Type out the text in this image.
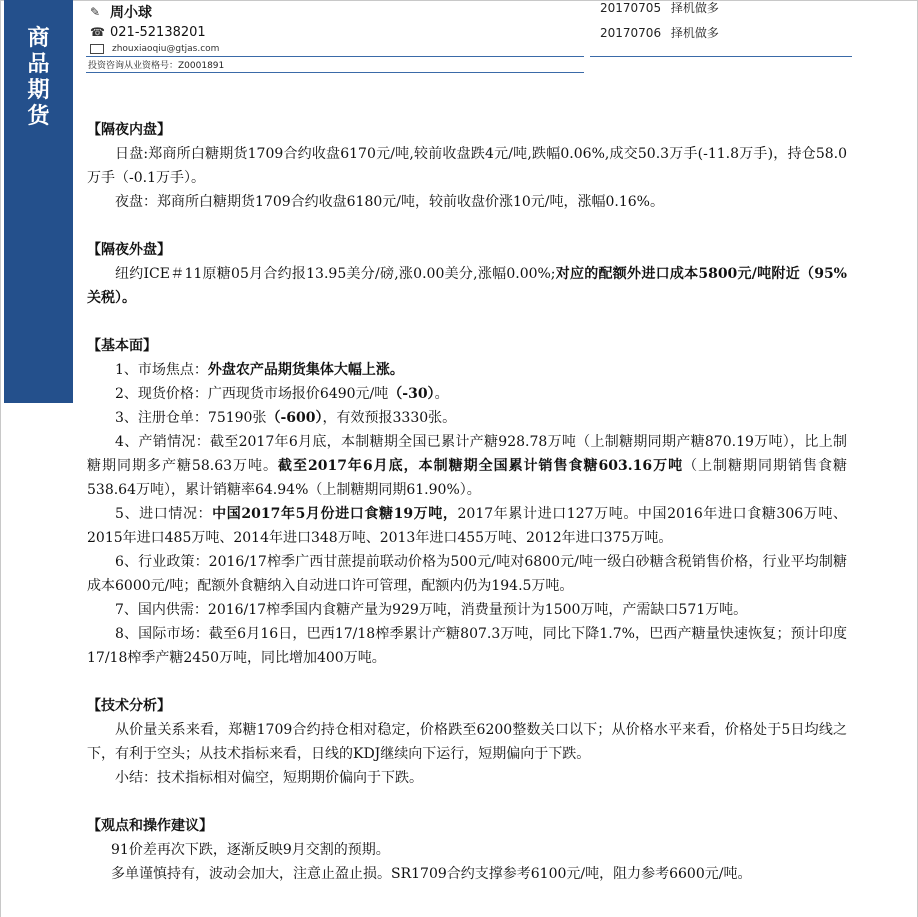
商
品
期
货
✎ 周小球
☎ 021-52138201
zhouxiaoqiu@gtjas.com
投资咨询从业资格号：Z0001891
20170705 择机做多
20170706 择机做多
【隔夜内盘】
日盘:郑商所白糖期货1709合约收盘6170元/吨,较前收盘跌4元/吨,跌幅0.06%,成交50.3万手(-11.8万手)，持仓58.0万手（-0.1万手）。
夜盘：郑商所白糖期货1709合约收盘6180元/吨，较前收盘价涨10元/吨，涨幅0.16%。
【隔夜外盘】
纽约ICE＃11原糖05月合约报13.95美分/磅,涨0.00美分,涨幅0.00%;对应的配额外进口成本5800元/吨附近（95%关税）。
【基本面】
1、市场焦点：外盘农产品期货集体大幅上涨。
2、现货价格：广西现货市场报价6490元/吨（-30）。
3、注册仓单：75190张（-600），有效预报3330张。
4、产销情况：截至2017年6月底，本制糖期全国已累计产糖928.78万吨（上制糖期同期产糖870.19万吨），比上制糖期同期多产糖58.63万吨。截至2017年6月底，本制糖期全国累计销售食糖603.16万吨（上制糖期同期销售食糖538.64万吨），累计销糖率64.94%（上制糖期同期61.90%）。
5、进口情况：中国2017年5月份进口食糖19万吨，2017年累计进口127万吨。中国2016年进口食糖306万吨、2015年进口485万吨、2014年进口348万吨、2013年进口455万吨、2012年进口375万吨。
6、行业政策：2016/17榨季广西甘蔗提前联动价格为500元/吨对6800元/吨一级白砂糖含税销售价格，行业平均制糖成本6000元/吨；配额外食糖纳入自动进口许可管理，配额内仍为194.5万吨。
7、国内供需：2016/17榨季国内食糖产量为929万吨，消费量预计为1500万吨，产需缺口571万吨。
8、国际市场：截至6月16日，巴西17/18榨季累计产糖807.3万吨，同比下降1.7%，巴西产糖量快速恢复；预计印度17/18榨季产糖2450万吨，同比增加400万吨。
【技术分析】
从价量关系来看，郑糖1709合约持仓相对稳定，价格跌至6200整数关口以下；从价格水平来看，价格处于5日均线之下，有利于空头；从技术指标来看，日线的KDJ继续向下运行，短期偏向于下跌。
小结：技术指标相对偏空，短期期价偏向于下跌。
【观点和操作建议】
91价差再次下跌，逐渐反映9月交割的预期。
多单谨慎持有，波动会加大，注意止盈止损。SR1709合约支撑参考6100元/吨，阻力参考6600元/吨。
